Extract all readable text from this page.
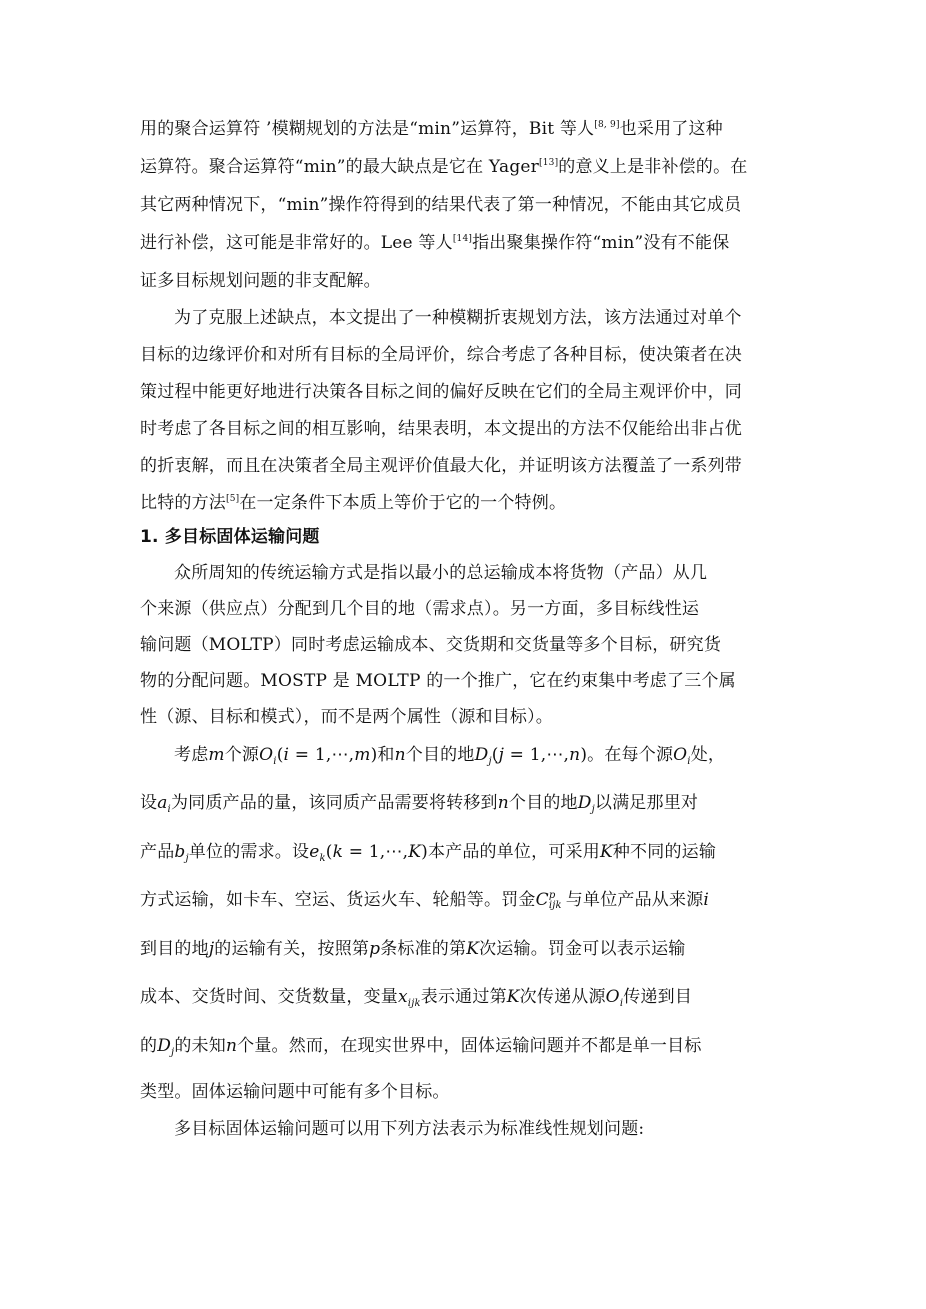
用的聚合运算符 ’模糊规划的方法是“min”运算符，Bit 等人[8, 9]也采用了这种
运算符。聚合运算符“min”的最大缺点是它在 Yager[13]的意义上是非补偿的。在
其它两种情况下，“min”操作符得到的结果代表了第一种情况，不能由其它成员
进行补偿，这可能是非常好的。Lee 等人[14]指出聚集操作符“min”没有不能保
证多目标规划问题的非支配解。
为了克服上述缺点，本文提出了一种模糊折衷规划方法，该方法通过对单个
目标的边缘评价和对所有目标的全局评价，综合考虑了各种目标，使决策者在决
策过程中能更好地进行决策各目标之间的偏好反映在它们的全局主观评价中，同
时考虑了各目标之间的相互影响，结果表明，本文提出的方法不仅能给出非占优
的折衷解，而且在决策者全局主观评价值最大化，并证明该方法覆盖了一系列带
比特的方法[5]在一定条件下本质上等价于它的一个特例。
1. 多目标固体运输问题
众所周知的传统运输方式是指以最小的总运输成本将货物（产品）从几
个来源（供应点）分配到几个目的地（需求点）。另一方面，多目标线性运
输问题（MOLTP）同时考虑运输成本、交货期和交货量等多个目标，研究货
物的分配问题。MOSTP 是 MOLTP 的一个推广，它在约束集中考虑了三个属
性（源、目标和模式），而不是两个属性（源和目标）。
考虑m个源$O_i(i$ = 1,⋯,m)和n个目的地$D_j(j$ = 1,⋯,n)。在每个源$O_i$处，
设$a_i$为同质产品的量，该同质产品需要将转移到n个目的地$D_j$以满足那里对
产品$b_j$单位的需求。设$e_k(k$ = 1,⋯,K)本产品的单位，可采用K种不同的运输
方式运输，如卡车、空运、货运火车、轮船等。罚金C p
ijk 与单位产品从来源i
到目的地j的运输有关，按照第p条标准的第K次运输。罚金可以表示运输
成本、交货时间、交货数量，变量$x_{ijk}$表示通过第K次传递从源$O_i$传递到目
的$D_j$的未知n个量。然而，在现实世界中，固体运输问题并不都是单一目标
类型。固体运输问题中可能有多个目标。
多目标固体运输问题可以用下列方法表示为标准线性规划问题:
